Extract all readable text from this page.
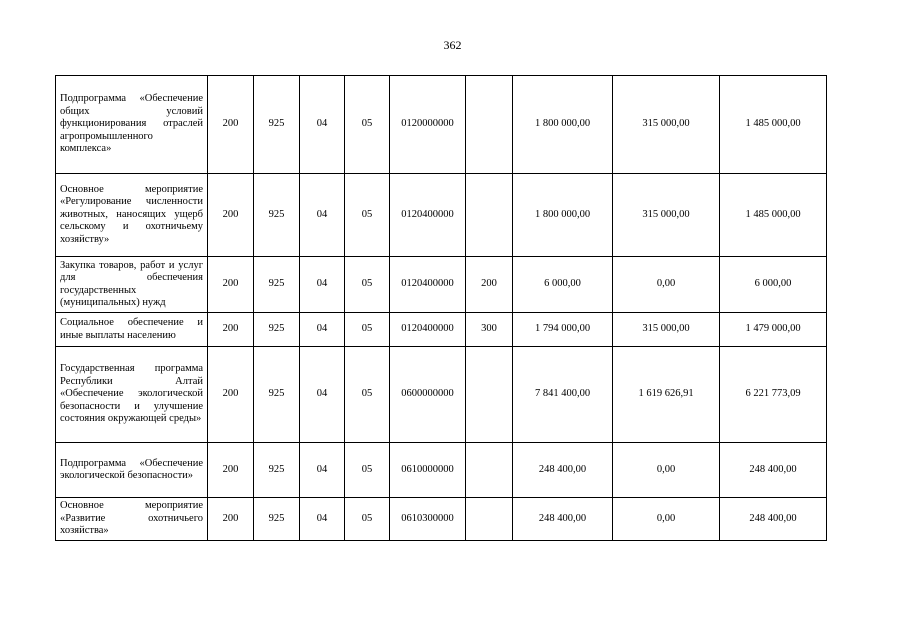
362
Подпрограмма «Обеспечение общих условий функционирования отраслей агропромышленного комплекса»	200	925	04	05	0120000000		1 800 000,00	315 000,00	1 485 000,00
Основное мероприятие «Регулирование численности животных, наносящих ущерб сельскому и охотничьему хозяйству»	200	925	04	05	0120400000		1 800 000,00	315 000,00	1 485 000,00
Закупка товаров, работ и услуг для обеспечения государственных (муниципальных) нужд	200	925	04	05	0120400000	200	6 000,00	0,00	6 000,00
Социальное обеспечение и иные выплаты населению	200	925	04	05	0120400000	300	1 794 000,00	315 000,00	1 479 000,00
Государственная программа Республики Алтай «Обеспечение экологической безопасности и улучшение состояния окружающей среды»	200	925	04	05	0600000000		7 841 400,00	1 619 626,91	6 221 773,09
Подпрограмма «Обеспечение экологической безопасности»	200	925	04	05	0610000000		248 400,00	0,00	248 400,00
Основное мероприятие «Развитие охотничьего хозяйства»	200	925	04	05	0610300000		248 400,00	0,00	248 400,00
